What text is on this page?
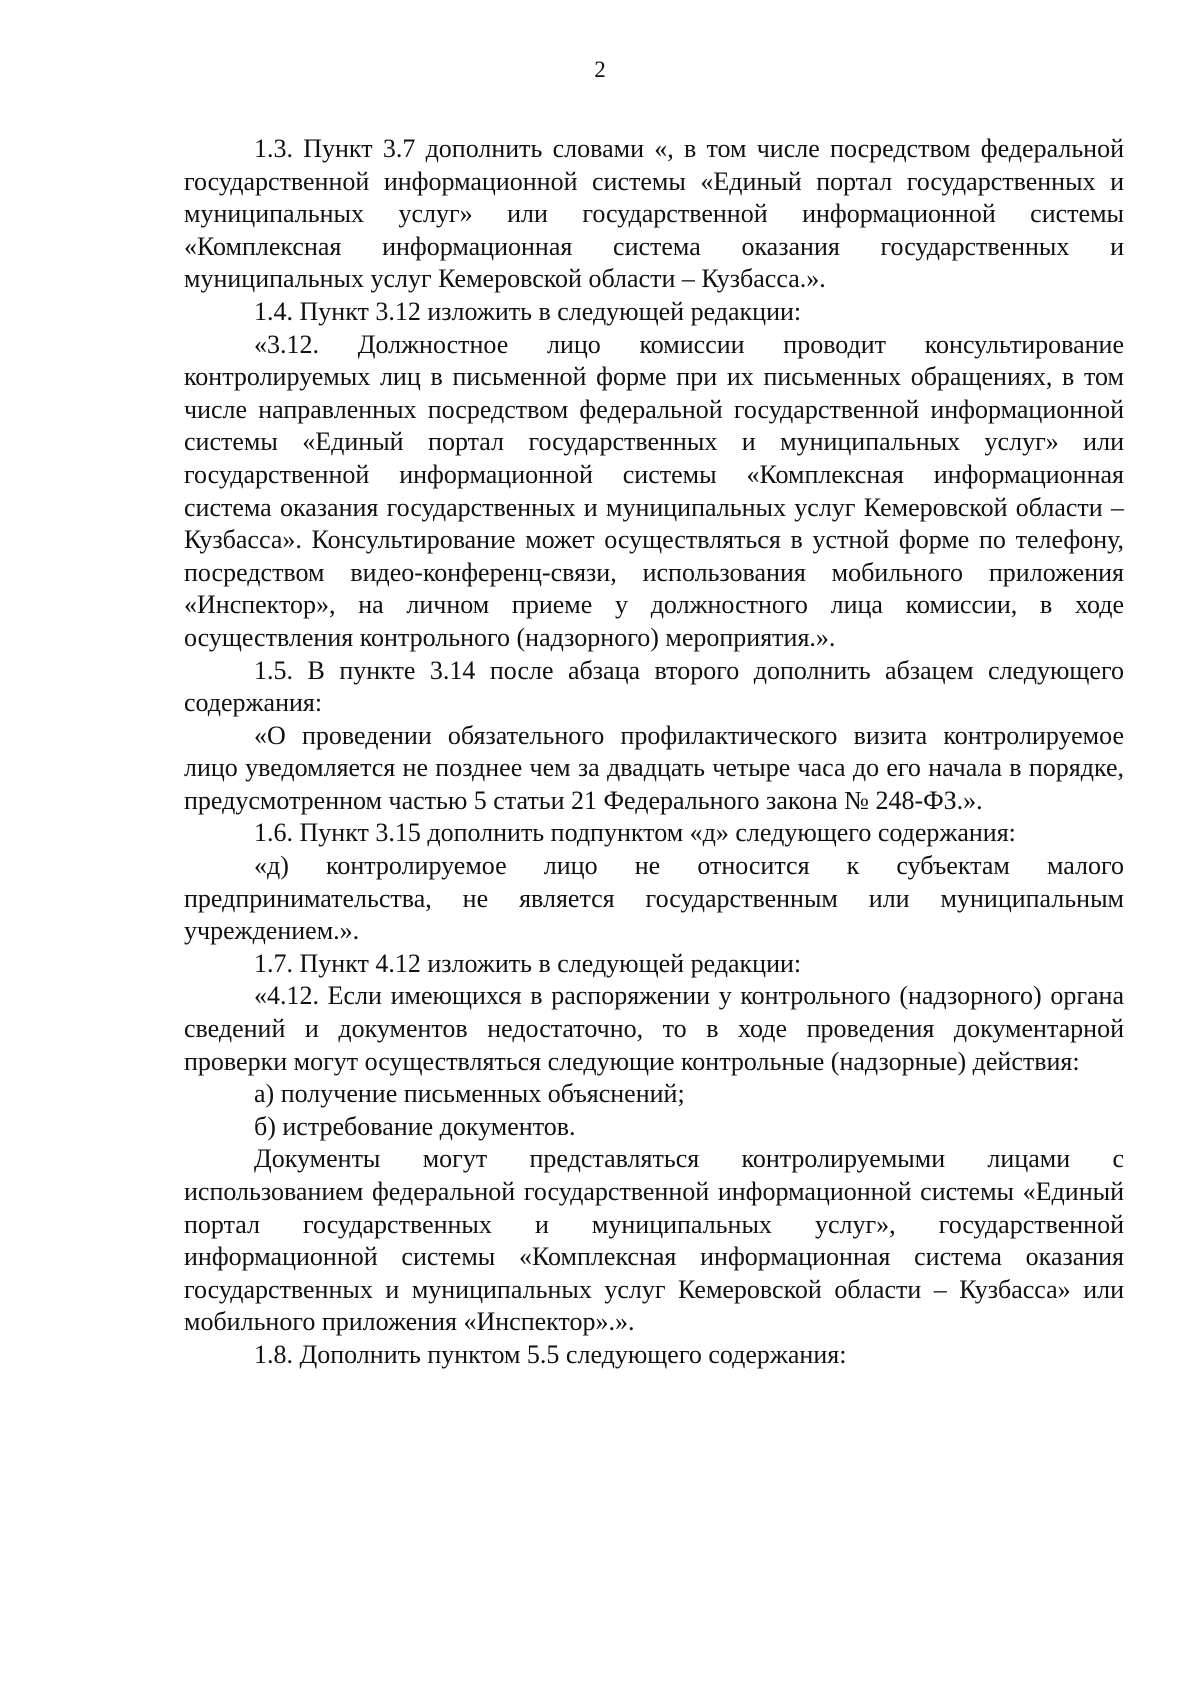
2

1.3. Пункт 3.7 дополнить словами «, в том числе посредством федеральной государственной информационной системы «Единый портал государственных и муниципальных услуг» или государственной информационной системы «Комплексная информационная система оказания государственных и муниципальных услуг Кемеровской области – Кузбасса.».

1.4. Пункт 3.12 изложить в следующей редакции:

«3.12. Должностное лицо комиссии проводит консультирование контролируемых лиц в письменной форме при их письменных обращениях, в том числе направленных посредством федеральной государственной информационной системы «Единый портал государственных и муниципальных услуг» или государственной информационной системы «Комплексная информационная система оказания государственных и муниципальных услуг Кемеровской области – Кузбасса». Консультирование может осуществляться в устной форме по телефону, посредством видео-конференц-связи, использования мобильного приложения «Инспектор», на личном приеме у должностного лица комиссии, в ходе осуществления контрольного (надзорного) мероприятия.».

1.5. В пункте 3.14 после абзаца второго дополнить абзацем следующего содержания:

«О проведении обязательного профилактического визита контролируемое лицо уведомляется не позднее чем за двадцать четыре часа до его начала в порядке, предусмотренном частью 5 статьи 21 Федерального закона № 248-ФЗ.».

1.6. Пункт 3.15 дополнить подпунктом «д» следующего содержания:

«д) контролируемое лицо не относится к субъектам малого предпринимательства, не является государственным или муниципальным учреждением.».

1.7. Пункт 4.12 изложить в следующей редакции:

«4.12. Если имеющихся в распоряжении у контрольного (надзорного) органа сведений и документов недостаточно, то в ходе проведения документарной проверки могут осуществляться следующие контрольные (надзорные) действия:

а) получение письменных объяснений;

б) истребование документов.

Документы могут представляться контролируемыми лицами с использованием федеральной государственной информационной системы «Единый портал государственных и муниципальных услуг», государственной информационной системы «Комплексная информационная система оказания государственных и муниципальных услуг Кемеровской области – Кузбасса» или мобильного приложения «Инспектор».».

1.8. Дополнить пунктом 5.5 следующего содержания:
